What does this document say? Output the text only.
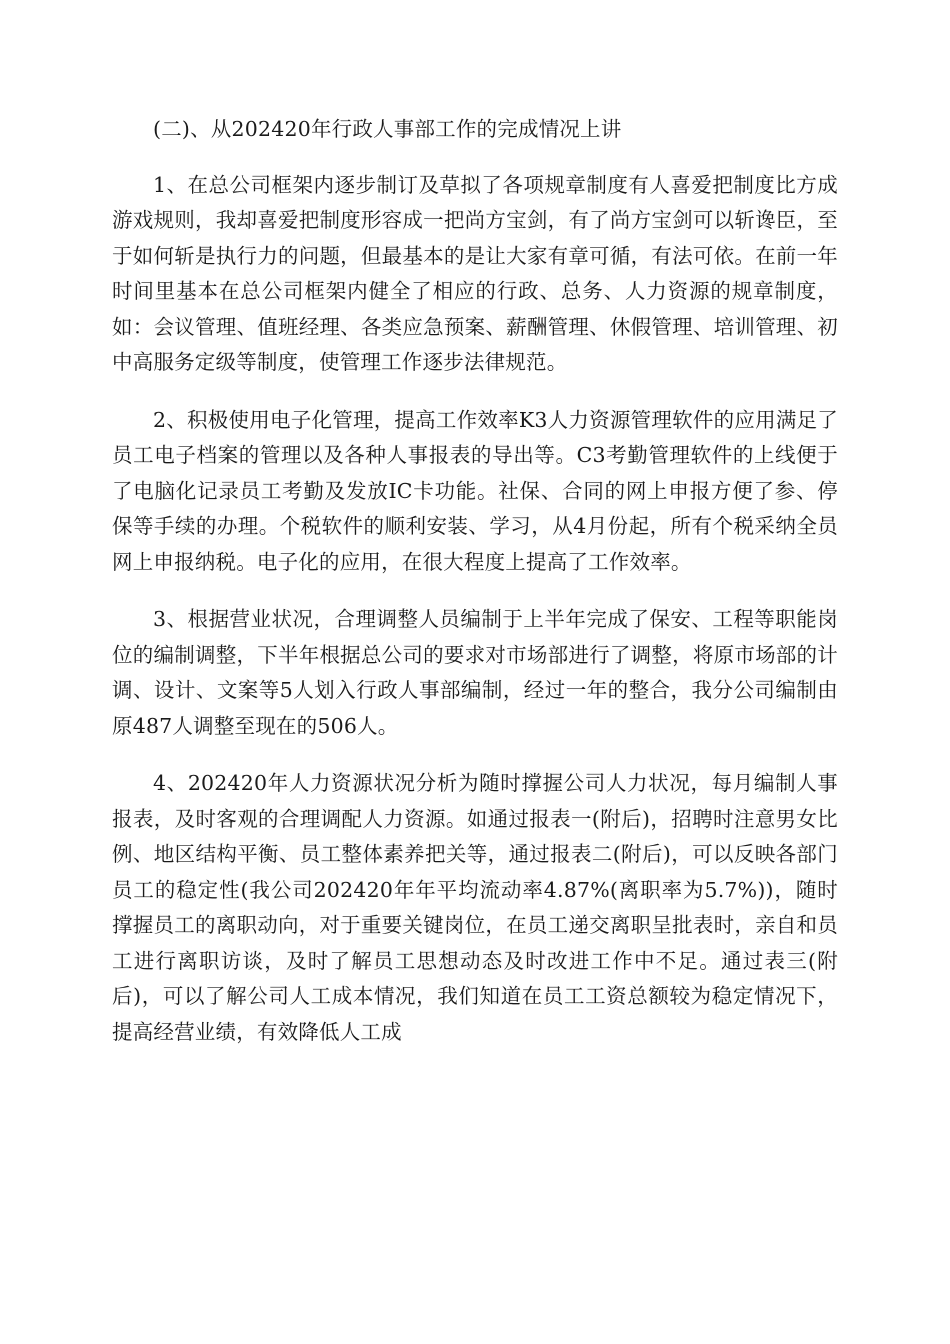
(二)、从202420年行政人事部工作的完成情况上讲

1、在总公司框架内逐步制订及草拟了各项规章制度有人喜爱把制度比方成游戏规则，我却喜爱把制度形容成一把尚方宝剑，有了尚方宝剑可以斩谗臣，至于如何斩是执行力的问题，但最基本的是让大家有章可循，有法可依。在前一年时间里基本在总公司框架内健全了相应的行政、总务、人力资源的规章制度，如：会议管理、值班经理、各类应急预案、薪酬管理、休假管理、培训管理、初中高服务定级等制度，使管理工作逐步法律规范。

2、积极使用电子化管理，提高工作效率K3人力资源管理软件的应用满足了员工电子档案的管理以及各种人事报表的导出等。C3考勤管理软件的上线便于了电脑化记录员工考勤及发放IC卡功能。社保、合同的网上申报方便了参、停保等手续的办理。个税软件的顺利安装、学习，从4月份起，所有个税采纳全员网上申报纳税。电子化的应用，在很大程度上提高了工作效率。

3、根据营业状况，合理调整人员编制于上半年完成了保安、工程等职能岗位的编制调整，下半年根据总公司的要求对市场部进行了调整，将原市场部的计调、设计、文案等5人划入行政人事部编制，经过一年的整合，我分公司编制由原487人调整至现在的506人。

4、202420年人力资源状况分析为随时撑握公司人力状况，每月编制人事报表，及时客观的合理调配人力资源。如通过报表一(附后)，招聘时注意男女比例、地区结构平衡、员工整体素养把关等，通过报表二(附后)，可以反映各部门员工的稳定性(我公司202420年年平均流动率4.87%(离职率为5.7%))，随时撑握员工的离职动向，对于重要关键岗位，在员工递交离职呈批表时，亲自和员工进行离职访谈，及时了解员工思想动态及时改进工作中不足。通过表三(附后)，可以了解公司人工成本情况，我们知道在员工工资总额较为稳定情况下，提高经营业绩，有效降低人工成
